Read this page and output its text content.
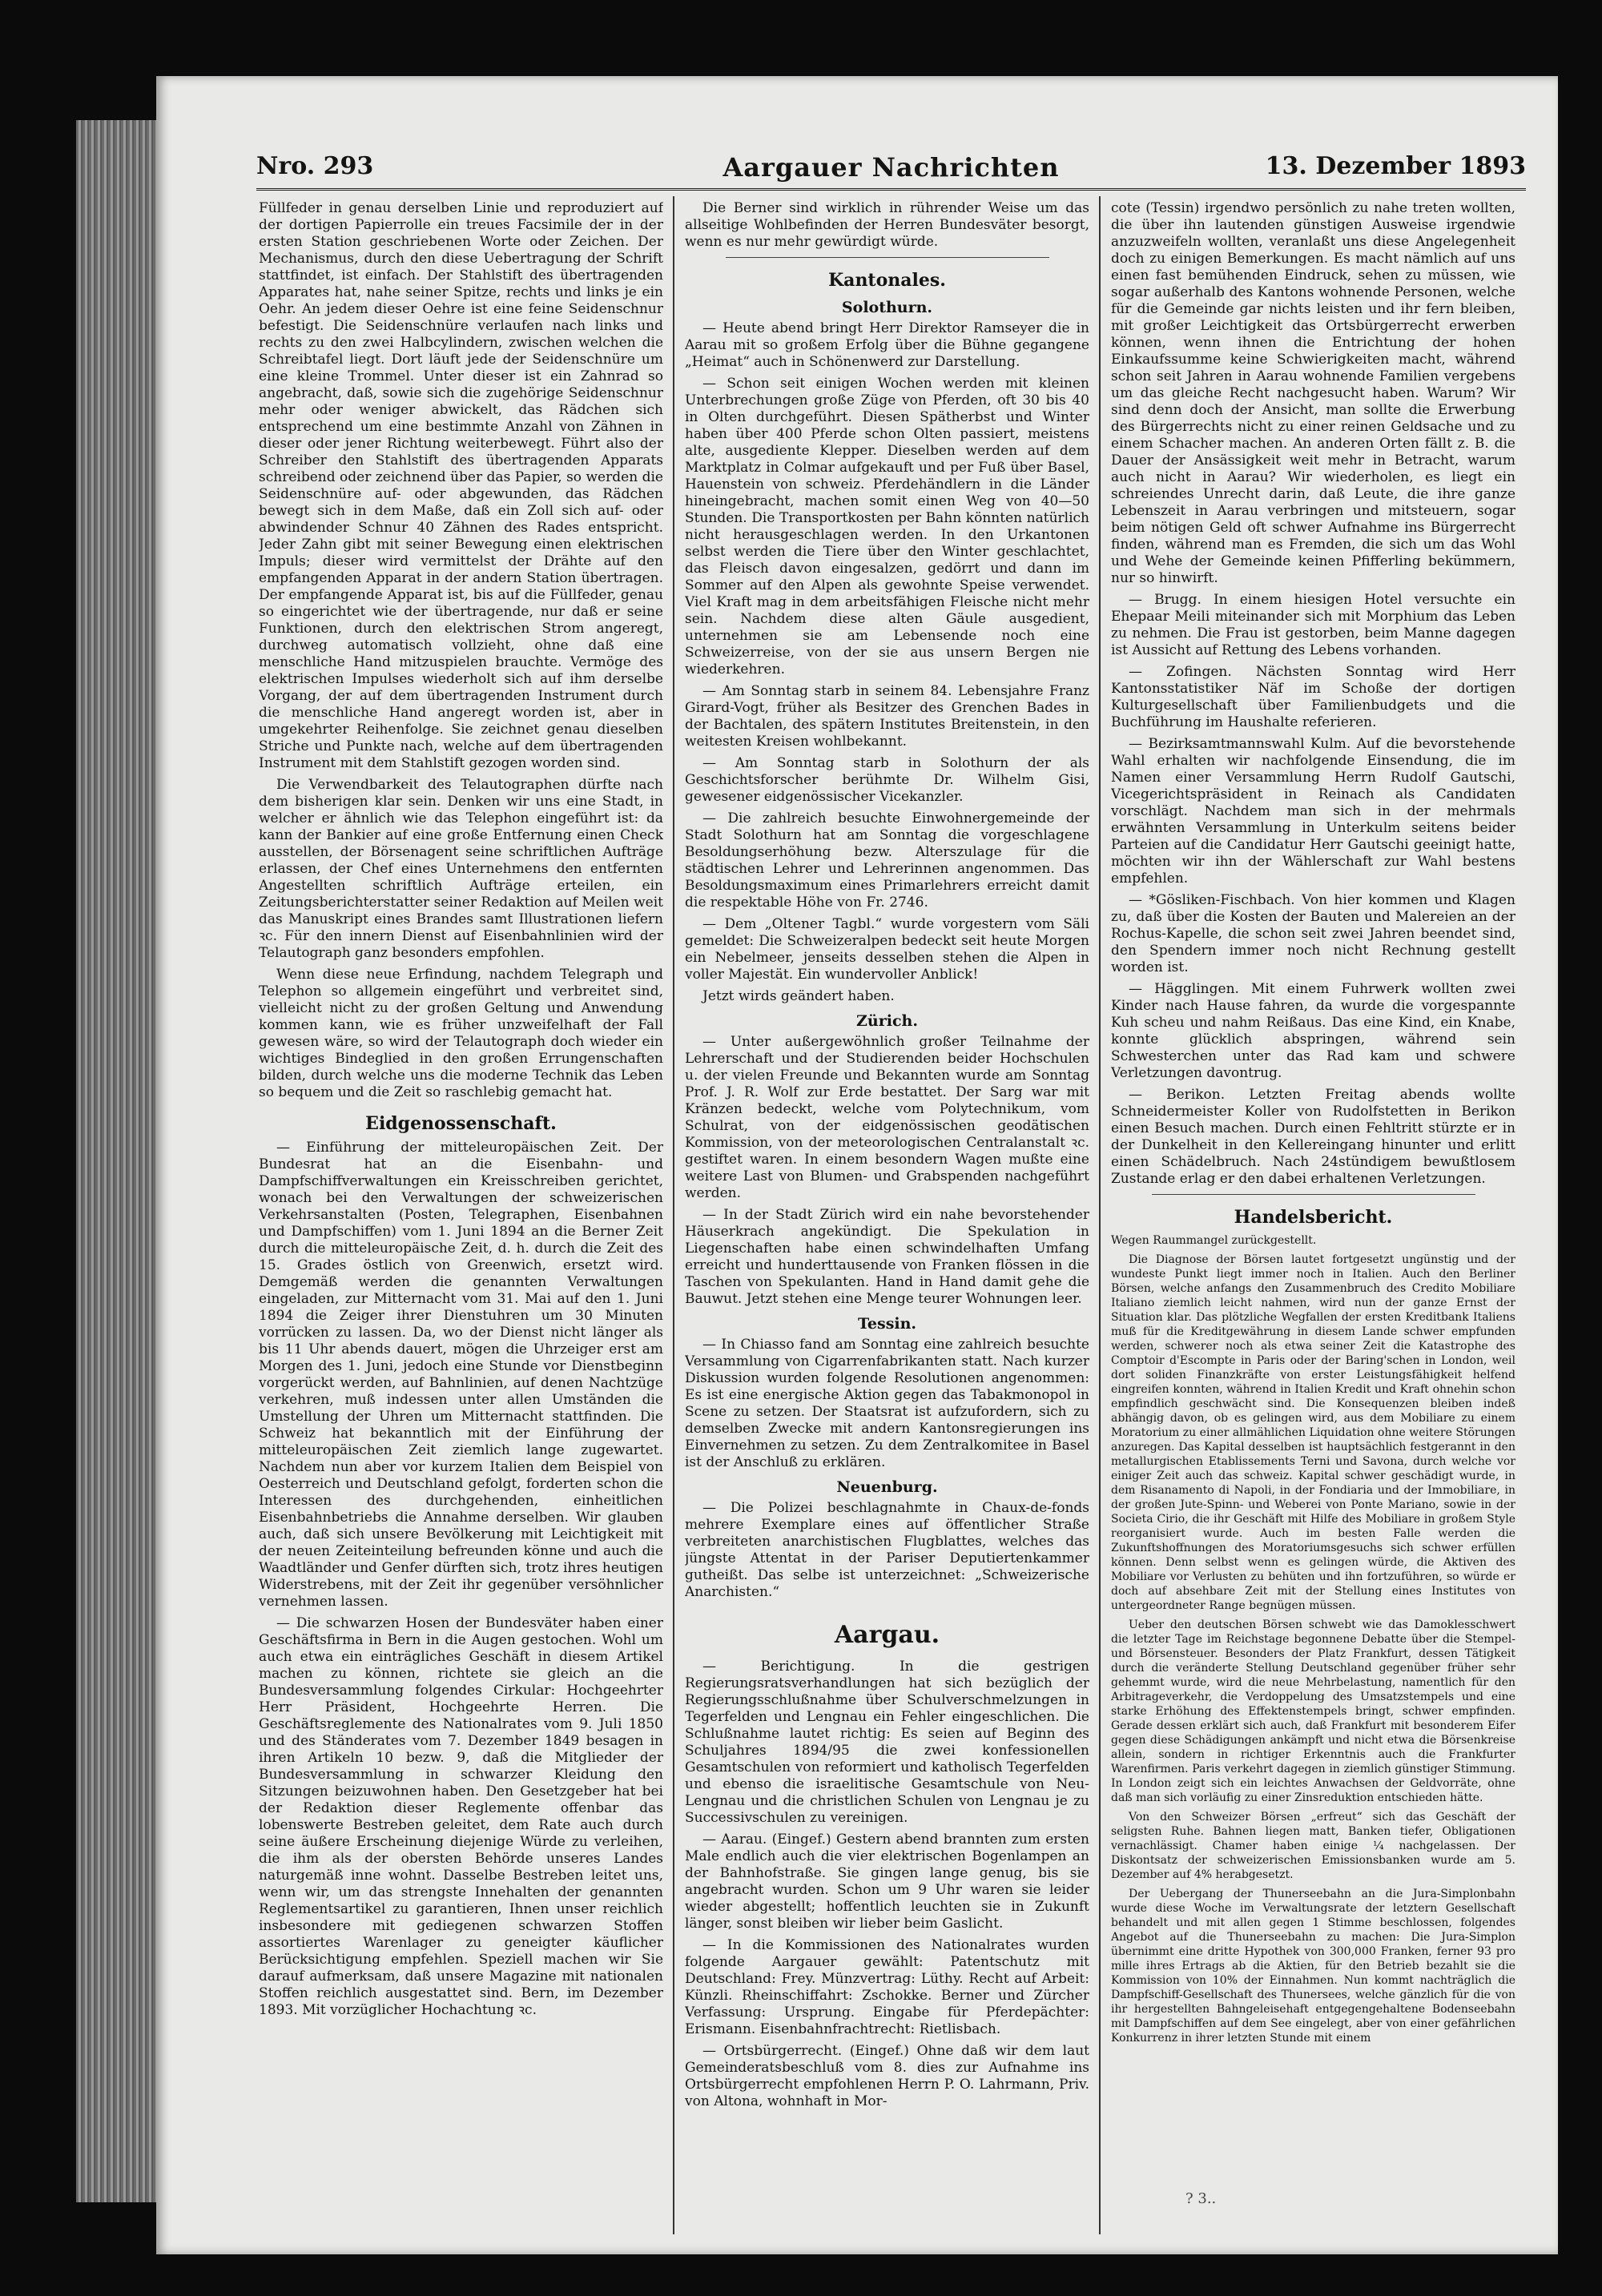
Nro. 293	Aargauer Nachrichten	13. Dezember 1893

Füllfeder in genau derselben Linie und reproduziert auf der dortigen Papierrolle ein treues Facsimile der in der ersten Station geschriebenen Worte oder Zeichen. Der Mechanismus, durch den diese Uebertragung der Schrift stattfindet, ist einfach. Der Stahlstift des übertragenden Apparates hat, nahe seiner Spitze, rechts und links je ein Oehr. An jedem dieser Oehre ist eine feine Seidenschnur befestigt. Die Seidenschnüre verlaufen nach links und rechts zu den zwei Halbcylindern, zwischen welchen die Schreibtafel liegt. Dort läuft jede der Seidenschnüre um eine kleine Trommel. Unter dieser ist ein Zahnrad so angebracht, daß, sowie sich die zugehörige Seidenschnur mehr oder weniger abwickelt, das Rädchen sich entsprechend um eine bestimmte Anzahl von Zähnen in dieser oder jener Richtung weiterbewegt. Führt also der Schreiber den Stahlstift des übertragenden Apparats schreibend oder zeichnend über das Papier, so werden die Seidenschnüre auf- oder abgewunden, das Rädchen bewegt sich in dem Maße, daß ein Zoll sich auf- oder abwindender Schnur 40 Zähnen des Rades entspricht. Jeder Zahn gibt mit seiner Bewegung einen elektrischen Impuls; dieser wird vermittelst der Drähte auf den empfangenden Apparat in der andern Station übertragen. Der empfangende Apparat ist, bis auf die Füllfeder, genau so eingerichtet wie der übertragende, nur daß er seine Funktionen, durch den elektrischen Strom angeregt, durchweg automatisch vollzieht, ohne daß eine menschliche Hand mitzuspielen brauchte. Vermöge des elektrischen Impulses wiederholt sich auf ihm derselbe Vorgang, der auf dem übertragenden Instrument durch die menschliche Hand angeregt worden ist, aber in umgekehrter Reihenfolge. Sie zeichnet genau dieselben Striche und Punkte nach, welche auf dem übertragenden Instrument mit dem Stahlstift gezogen worden sind.

Die Verwendbarkeit des Telautographen dürfte nach dem bisherigen klar sein. Denken wir uns eine Stadt, in welcher er ähnlich wie das Telephon eingeführt ist: da kann der Bankier auf eine große Entfernung einen Check ausstellen, der Börsenagent seine schriftlichen Aufträge erlassen, der Chef eines Unternehmens den entfernten Angestellten schriftlich Aufträge erteilen, ein Zeitungsberichterstatter seiner Redaktion auf Meilen weit das Manuskript eines Brandes samt Illustrationen liefern ꝛc. Für den innern Dienst auf Eisenbahnlinien wird der Telautograph ganz besonders empfohlen.

Wenn diese neue Erfindung, nachdem Telegraph und Telephon so allgemein eingeführt und verbreitet sind, vielleicht nicht zu der großen Geltung und Anwendung kommen kann, wie es früher unzweifelhaft der Fall gewesen wäre, so wird der Telautograph doch wieder ein wichtiges Bindeglied in den großen Errungenschaften bilden, durch welche uns die moderne Technik das Leben so bequem und die Zeit so raschlebig gemacht hat.

Eidgenossenschaft.

— Einführung der mitteleuropäischen Zeit. Der Bundesrat hat an die Eisenbahn- und Dampfschiffverwaltungen ein Kreisschreiben gerichtet, wonach bei den Verwaltungen der schweizerischen Verkehrsanstalten (Posten, Telegraphen, Eisenbahnen und Dampfschiffen) vom 1. Juni 1894 an die Berner Zeit durch die mitteleuropäische Zeit, d. h. durch die Zeit des 15. Grades östlich von Greenwich, ersetzt wird. Demgemäß werden die genannten Verwaltungen eingeladen, zur Mitternacht vom 31. Mai auf den 1. Juni 1894 die Zeiger ihrer Dienstuhren um 30 Minuten vorrücken zu lassen. Da, wo der Dienst nicht länger als bis 11 Uhr abends dauert, mögen die Uhrzeiger erst am Morgen des 1. Juni, jedoch eine Stunde vor Dienstbeginn vorgerückt werden, auf Bahnlinien, auf denen Nachtzüge verkehren, muß indessen unter allen Umständen die Umstellung der Uhren um Mitternacht stattfinden. Die Schweiz hat bekanntlich mit der Einführung der mitteleuropäischen Zeit ziemlich lange zugewartet. Nachdem nun aber vor kurzem Italien dem Beispiel von Oesterreich und Deutschland gefolgt, forderten schon die Interessen des durchgehenden, einheitlichen Eisenbahnbetriebs die Annahme derselben. Wir glauben auch, daß sich unsere Bevölkerung mit Leichtigkeit mit der neuen Zeiteinteilung befreunden könne und auch die Waadtländer und Genfer dürften sich, trotz ihres heutigen Widerstrebens, mit der Zeit ihr gegenüber versöhnlicher vernehmen lassen.

— Die schwarzen Hosen der Bundesväter haben einer Geschäftsfirma in Bern in die Augen gestochen. Wohl um auch etwa ein einträgliches Geschäft in diesem Artikel machen zu können, richtete sie gleich an die Bundesversammlung folgendes Cirkular: Hochgeehrter Herr Präsident, Hochgeehrte Herren. Die Geschäftsreglemente des Nationalrates vom 9. Juli 1850 und des Ständerates vom 7. Dezember 1849 besagen in ihren Artikeln 10 bezw. 9, daß die Mitglieder der Bundesversammlung in schwarzer Kleidung den Sitzungen beizuwohnen haben. Den Gesetzgeber hat bei der Redaktion dieser Reglemente offenbar das lobenswerte Bestreben geleitet, dem Rate auch durch seine äußere Erscheinung diejenige Würde zu verleihen, die ihm als der obersten Behörde unseres Landes naturgemäß inne wohnt. Dasselbe Bestreben leitet uns, wenn wir, um das strengste Innehalten der genannten Reglementsartikel zu garantieren, Ihnen unser reichlich insbesondere mit gediegenen schwarzen Stoffen assortiertes Warenlager zu geneigter käuflicher Berücksichtigung empfehlen. Speziell machen wir Sie darauf aufmerksam, daß unsere Magazine mit nationalen Stoffen reichlich ausgestattet sind. Bern, im Dezember 1893. Mit vorzüglicher Hochachtung ꝛc.

Die Berner sind wirklich in rührender Weise um das allseitige Wohlbefinden der Herren Bundesväter besorgt, wenn es nur mehr gewürdigt würde.

Kantonales.
Solothurn.

— Heute abend bringt Herr Direktor Ramseyer die in Aarau mit so großem Erfolg über die Bühne gegangene „Heimat“ auch in Schönenwerd zur Darstellung.

— Schon seit einigen Wochen werden mit kleinen Unterbrechungen große Züge von Pferden, oft 30 bis 40 in Olten durchgeführt. Diesen Spätherbst und Winter haben über 400 Pferde schon Olten passiert, meistens alte, ausgediente Klepper. Dieselben werden auf dem Marktplatz in Colmar aufgekauft und per Fuß über Basel, Hauenstein von schweiz. Pferdehändlern in die Länder hineingebracht, machen somit einen Weg von 40—50 Stunden. Die Transportkosten per Bahn könnten natürlich nicht herausgeschlagen werden. In den Urkantonen selbst werden die Tiere über den Winter geschlachtet, das Fleisch davon eingesalzen, gedörrt und dann im Sommer auf den Alpen als gewohnte Speise verwendet. Viel Kraft mag in dem arbeitsfähigen Fleische nicht mehr sein. Nachdem diese alten Gäule ausgedient, unternehmen sie am Lebensende noch eine Schweizerreise, von der sie aus unsern Bergen nie wiederkehren.

— Am Sonntag starb in seinem 84. Lebensjahre Franz Girard-Vogt, früher als Besitzer des Grenchen Bades in der Bachtalen, des spätern Institutes Breitenstein, in den weitesten Kreisen wohlbekannt.

— Am Sonntag starb in Solothurn der als Geschichtsforscher berühmte Dr. Wilhelm Gisi, gewesener eidgenössischer Vicekanzler.

— Die zahlreich besuchte Einwohnergemeinde der Stadt Solothurn hat am Sonntag die vorgeschlagene Besoldungserhöhung bezw. Alterszulage für die städtischen Lehrer und Lehrerinnen angenommen. Das Besoldungsmaximum eines Primarlehrers erreicht damit die respektable Höhe von Fr. 2746.

— Dem „Oltener Tagbl.“ wurde vorgestern vom Säli gemeldet: Die Schweizeralpen bedeckt seit heute Morgen ein Nebelmeer, jenseits desselben stehen die Alpen in voller Majestät. Ein wundervoller Anblick!

Jetzt wirds geändert haben.

Zürich.

— Unter außergewöhnlich großer Teilnahme der Lehrerschaft und der Studierenden beider Hochschulen u. der vielen Freunde und Bekannten wurde am Sonntag Prof. J. R. Wolf zur Erde bestattet. Der Sarg war mit Kränzen bedeckt, welche vom Polytechnikum, vom Schulrat, von der eidgenössischen geodätischen Kommission, von der meteorologischen Centralanstalt ꝛc. gestiftet waren. In einem besondern Wagen mußte eine weitere Last von Blumen- und Grabspenden nachgeführt werden.

— In der Stadt Zürich wird ein nahe bevorstehender Häuserkrach angekündigt. Die Spekulation in Liegenschaften habe einen schwindelhaften Umfang erreicht und hunderttausende von Franken flössen in die Taschen von Spekulanten. Hand in Hand damit gehe die Bauwut. Jetzt stehen eine Menge teurer Wohnungen leer.

Tessin.

— In Chiasso fand am Sonntag eine zahlreich besuchte Versammlung von Cigarrenfabrikanten statt. Nach kurzer Diskussion wurden folgende Resolutionen angenommen: Es ist eine energische Aktion gegen das Tabakmonopol in Scene zu setzen. Der Staatsrat ist aufzufordern, sich zu demselben Zwecke mit andern Kantonsregierungen ins Einvernehmen zu setzen. Zu dem Zentralkomitee in Basel ist der Anschluß zu erklären.

Neuenburg.

— Die Polizei beschlagnahmte in Chaux-de-fonds mehrere Exemplare eines auf öffentlicher Straße verbreiteten anarchistischen Flugblattes, welches das jüngste Attentat in der Pariser Deputiertenkammer gutheißt. Das selbe ist unterzeichnet: „Schweizerische Anarchisten.“

Aargau.

— Berichtigung. In die gestrigen Regierungsratsverhandlungen hat sich bezüglich der Regierungsschlußnahme über Schulverschmelzungen in Tegerfelden und Lengnau ein Fehler eingeschlichen. Die Schlußnahme lautet richtig: Es seien auf Beginn des Schuljahres 1894/95 die zwei konfessionellen Gesamtschulen von reformiert und katholisch Tegerfelden und ebenso die israelitische Gesamtschule von Neu-Lengnau und die christlichen Schulen von Lengnau je zu Successivschulen zu vereinigen.

— Aarau. (Eingef.) Gestern abend brannten zum ersten Male endlich auch die vier elektrischen Bogenlampen an der Bahnhofstraße. Sie gingen lange genug, bis sie angebracht wurden. Schon um 9 Uhr waren sie leider wieder abgestellt; hoffentlich leuchten sie in Zukunft länger, sonst bleiben wir lieber beim Gaslicht.

— In die Kommissionen des Nationalrates wurden folgende Aargauer gewählt: Patentschutz mit Deutschland: Frey. Münzvertrag: Lüthy. Recht auf Arbeit: Künzli. Rheinschiffahrt: Zschokke. Berner und Zürcher Verfassung: Ursprung. Eingabe für Pferdepächter: Erismann. Eisenbahnfrachtrecht: Rietlisbach.

— Ortsbürgerrecht. (Eingef.) Ohne daß wir dem laut Gemeinderatsbeschluß vom 8. dies zur Aufnahme ins Ortsbürgerrecht empfohlenen Herrn P. O. Lahrmann, Priv. von Altona, wohnhaft in Mor-

cote (Tessin) irgendwo persönlich zu nahe treten wollten, die über ihn lautenden günstigen Ausweise irgendwie anzuzweifeln wollten, veranlaßt uns diese Angelegenheit doch zu einigen Bemerkungen. Es macht nämlich auf uns einen fast bemühenden Eindruck, sehen zu müssen, wie sogar außerhalb des Kantons wohnende Personen, welche für die Gemeinde gar nichts leisten und ihr fern bleiben, mit großer Leichtigkeit das Ortsbürgerrecht erwerben können, wenn ihnen die Entrichtung der hohen Einkaufssumme keine Schwierigkeiten macht, während schon seit Jahren in Aarau wohnende Familien vergebens um das gleiche Recht nachgesucht haben. Warum? Wir sind denn doch der Ansicht, man sollte die Erwerbung des Bürgerrechts nicht zu einer reinen Geldsache und zu einem Schacher machen. An anderen Orten fällt z. B. die Dauer der Ansässigkeit weit mehr in Betracht, warum auch nicht in Aarau? Wir wiederholen, es liegt ein schreiendes Unrecht darin, daß Leute, die ihre ganze Lebenszeit in Aarau verbringen und mitsteuern, sogar beim nötigen Geld oft schwer Aufnahme ins Bürgerrecht finden, während man es Fremden, die sich um das Wohl und Wehe der Gemeinde keinen Pfifferling bekümmern, nur so hinwirft.

— Brugg. In einem hiesigen Hotel versuchte ein Ehepaar Meili miteinander sich mit Morphium das Leben zu nehmen. Die Frau ist gestorben, beim Manne dagegen ist Aussicht auf Rettung des Lebens vorhanden.

— Zofingen. Nächsten Sonntag wird Herr Kantonsstatistiker Näf im Schoße der dortigen Kulturgesellschaft über Familienbudgets und die Buchführung im Haushalte referieren.

— Bezirksamtmannswahl Kulm. Auf die bevorstehende Wahl erhalten wir nachfolgende Einsendung, die im Namen einer Versammlung Herrn Rudolf Gautschi, Vicegerichtspräsident in Reinach als Candidaten vorschlägt. Nachdem man sich in der mehrmals erwähnten Versammlung in Unterkulm seitens beider Parteien auf die Candidatur Herr Gautschi geeinigt hatte, möchten wir ihn der Wählerschaft zur Wahl bestens empfehlen.

— *Gösliken-Fischbach. Von hier kommen und Klagen zu, daß über die Kosten der Bauten und Malereien an der Rochus-Kapelle, die schon seit zwei Jahren beendet sind, den Spendern immer noch nicht Rechnung gestellt worden ist.

— Hägglingen. Mit einem Fuhrwerk wollten zwei Kinder nach Hause fahren, da wurde die vorgespannte Kuh scheu und nahm Reißaus. Das eine Kind, ein Knabe, konnte glücklich abspringen, während sein Schwesterchen unter das Rad kam und schwere Verletzungen davontrug.

— Berikon. Letzten Freitag abends wollte Schneidermeister Koller von Rudolfstetten in Berikon einen Besuch machen. Durch einen Fehltritt stürzte er in der Dunkelheit in den Kellereingang hinunter und erlitt einen Schädelbruch. Nach 24stündigem bewußtlosem Zustande erlag er den dabei erhaltenen Verletzungen.

Handelsbericht.

Wegen Raummangel zurückgestellt.

Die Diagnose der Börsen lautet fortgesetzt ungünstig und der wundeste Punkt liegt immer noch in Italien. Auch den Berliner Börsen, welche anfangs den Zusammenbruch des Credito Mobiliare Italiano ziemlich leicht nahmen, wird nun der ganze Ernst der Situation klar. Das plötzliche Wegfallen der ersten Kreditbank Italiens muß für die Kreditgewährung in diesem Lande schwer empfunden werden, schwerer noch als etwa seiner Zeit die Katastrophe des Comptoir d'Escompte in Paris oder der Baring'schen in London, weil dort soliden Finanzkräfte von erster Leistungsfähigkeit helfend eingreifen konnten, während in Italien Kredit und Kraft ohnehin schon empfindlich geschwächt sind. Die Konsequenzen bleiben indeß abhängig davon, ob es gelingen wird, aus dem Mobiliare zu einem Moratorium zu einer allmählichen Liquidation ohne weitere Störungen anzuregen. Das Kapital desselben ist hauptsächlich festgerannt in den metallurgischen Etablissements Terni und Savona, durch welche vor einiger Zeit auch das schweiz. Kapital schwer geschädigt wurde, in dem Risanamento di Napoli, in der Fondiaria und der Immobiliare, in der großen Jute-Spinn- und Weberei von Ponte Mariano, sowie in der Societa Cirio, die ihr Geschäft mit Hilfe des Mobiliare in großem Style reorganisiert wurde. Auch im besten Falle werden die Zukunftshoffnungen des Moratoriumsgesuchs sich schwer erfüllen können. Denn selbst wenn es gelingen würde, die Aktiven des Mobiliare vor Verlusten zu behüten und ihn fortzuführen, so würde er doch auf absehbare Zeit mit der Stellung eines Institutes von untergeordneter Range begnügen müssen.

Ueber den deutschen Börsen schwebt wie das Damoklesschwert die letzter Tage im Reichstage begonnene Debatte über die Stempel- und Börsensteuer. Besonders der Platz Frankfurt, dessen Tätigkeit durch die veränderte Stellung Deutschland gegenüber früher sehr gehemmt wurde, wird die neue Mehrbelastung, namentlich für den Arbitrageverkehr, die Verdoppelung des Umsatzstempels und eine starke Erhöhung des Effektenstempels bringt, schwer empfinden. Gerade dessen erklärt sich auch, daß Frankfurt mit besonderem Eifer gegen diese Schädigungen ankämpft und nicht etwa die Börsenkreise allein, sondern in richtiger Erkenntnis auch die Frankfurter Warenfirmen. Paris verkehrt dagegen in ziemlich günstiger Stimmung. In London zeigt sich ein leichtes Anwachsen der Geldvorräte, ohne daß man sich vorläufig zu einer Zinsreduktion entschieden hätte.

Von den Schweizer Börsen „erfreut“ sich das Geschäft der seligsten Ruhe. Bahnen liegen matt, Banken tiefer, Obligationen vernachlässigt. Chamer haben einige ¼ nachgelassen. Der Diskontsatz der schweizerischen Emissionsbanken wurde am 5. Dezember auf 4% herabgesetzt.

Der Uebergang der Thunerseebahn an die Jura-Simplonbahn wurde diese Woche im Verwaltungsrate der letztern Gesellschaft behandelt und mit allen gegen 1 Stimme beschlossen, folgendes Angebot auf die Thunerseebahn zu machen: Die Jura-Simplon übernimmt eine dritte Hypothek von 300,000 Franken, ferner 93 pro mille ihres Ertrags ab die Aktien, für den Betrieb bezahlt sie die Kommission von 10% der Einnahmen. Nun kommt nachträglich die Dampfschiff-Gesellschaft des Thunersees, welche gänzlich für die von ihr hergestellten Bahngeleisehaft entgegengehaltene Bodenseebahn mit Dampfschiffen auf dem See eingelegt, aber von einer gefährlichen Konkurrenz in ihrer letzten Stunde mit einem

? 3..
